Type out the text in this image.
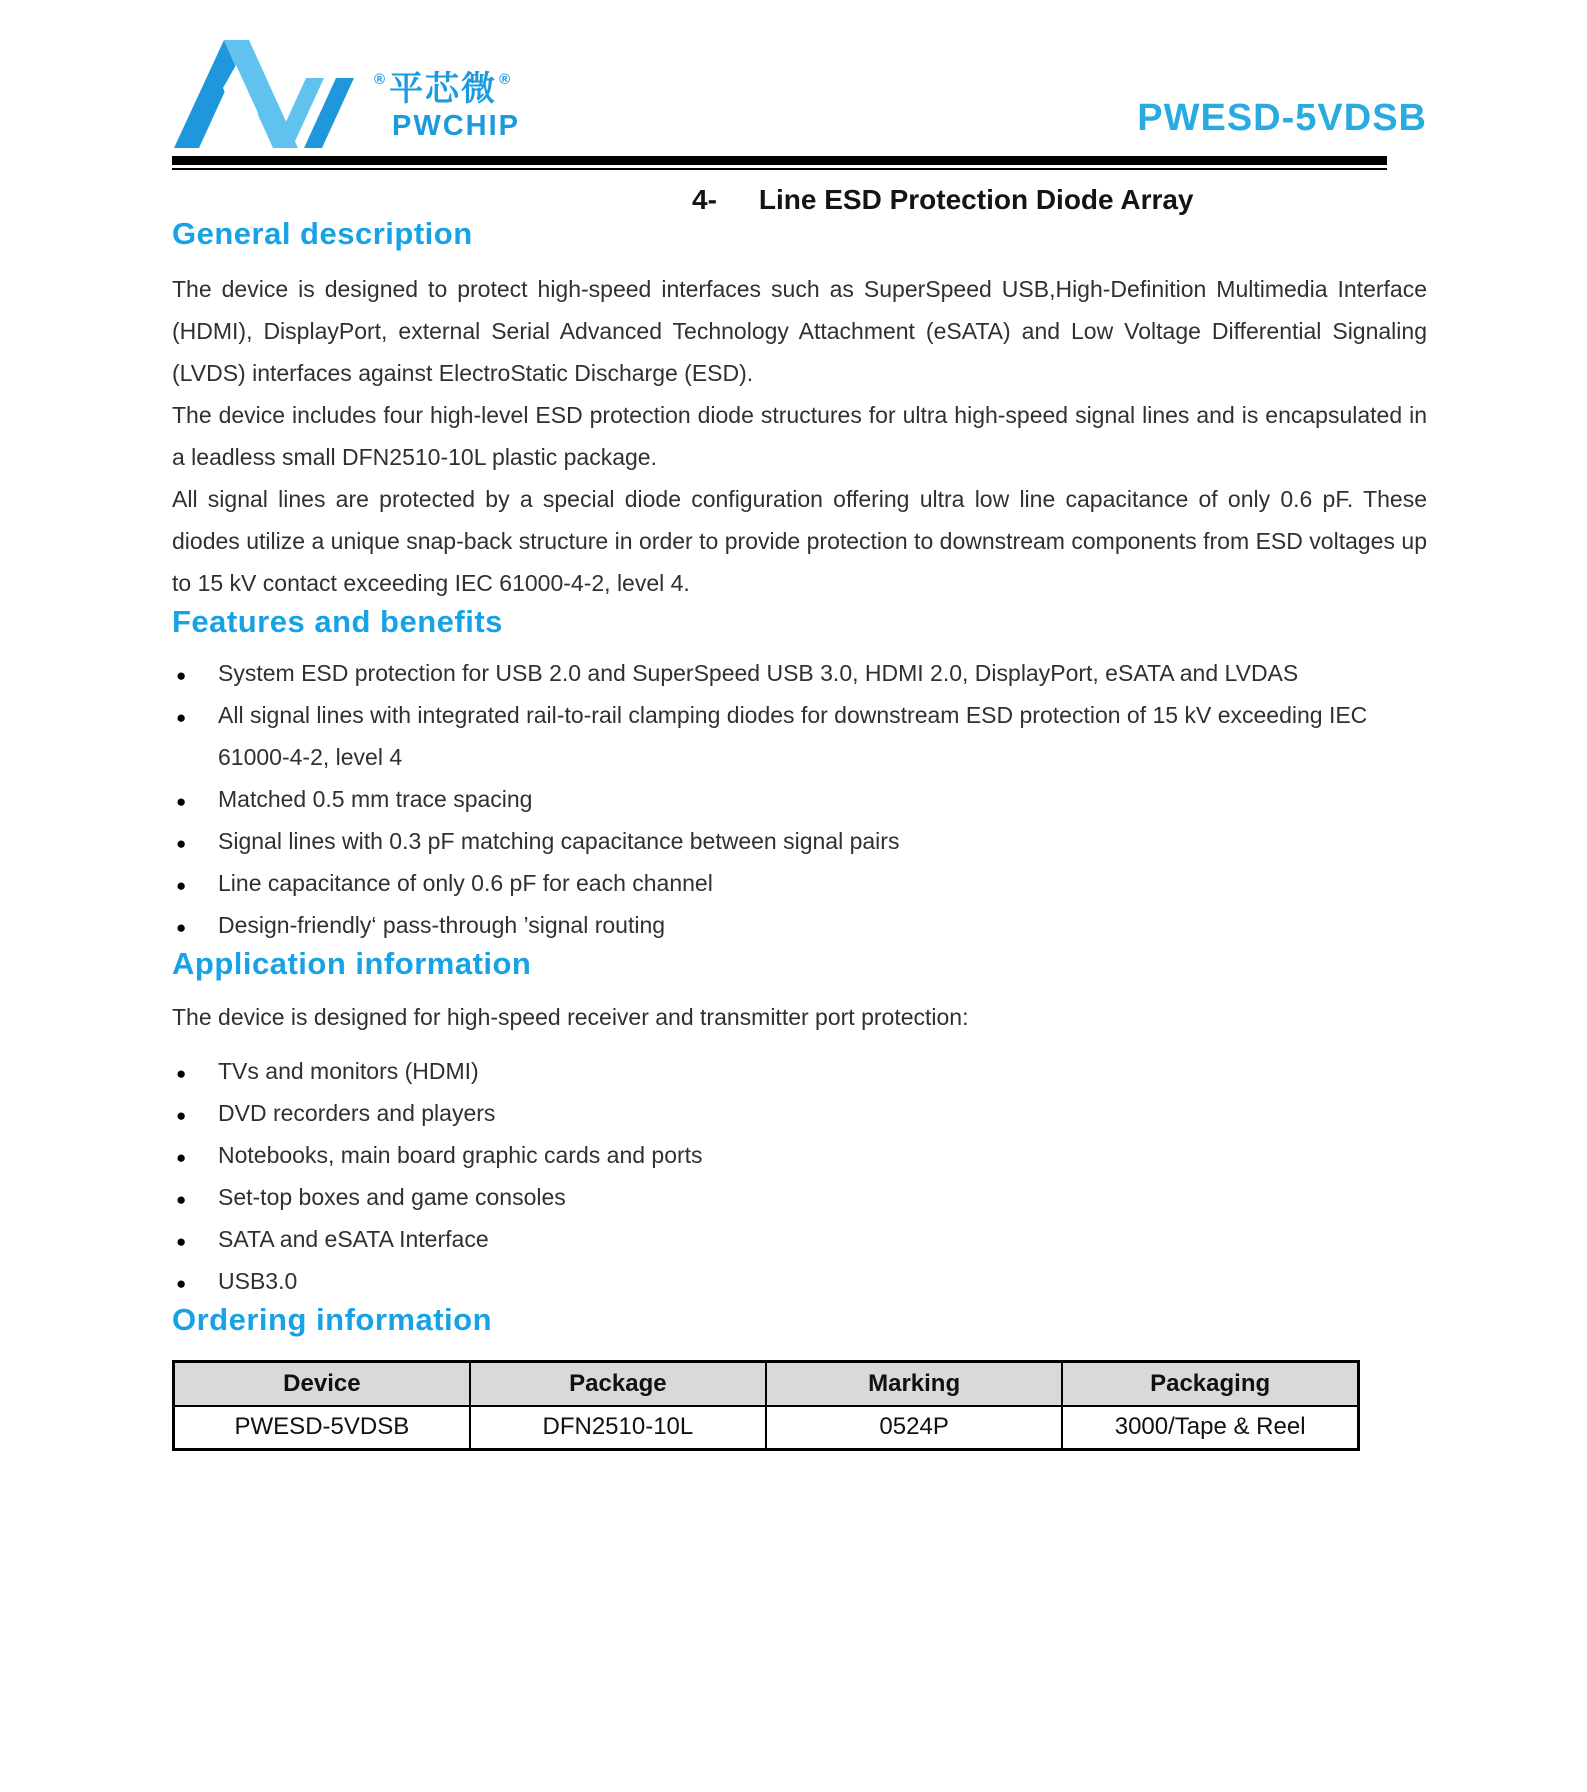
®平芯微 ®
PWCHIP	PWESD-5VDSB
4- Line ESD Protection Diode Array
General description

The device is designed to protect high-speed interfaces such as SuperSpeed USB,High-Definition Multimedia Interface (HDMI), DisplayPort, external Serial Advanced Technology Attachment (eSATA) and Low Voltage Differential Signaling (LVDS) interfaces against ElectroStatic Discharge (ESD).

The device includes four high-level ESD protection diode structures for ultra high-speed signal lines and is encapsulated in a leadless small DFN2510-10L plastic package.

All signal lines are protected by a special diode configuration offering ultra low line capacitance of only 0.6 pF. These diodes utilize a unique snap-back structure in order to provide protection to downstream components from ESD voltages up to 15 kV contact exceeding IEC 61000-4-2, level 4.

Features and benefits
●
System ESD protection for USB 2.0 and SuperSpeed USB 3.0, HDMI 2.0, DisplayPort, eSATA and LVDAS
●
All signal lines with integrated rail-to-rail clamping diodes for downstream ESD protection of 15 kV exceeding IEC 61000-4-2, level 4
●
Matched 0.5 mm trace spacing
●
Signal lines with 0.3 pF matching capacitance between signal pairs
●
Line capacitance of only 0.6 pF for each channel
●
Design-friendly‘ pass-through ’signal routing
Application information
The device is designed for high-speed receiver and transmitter port protection:
●
TVs and monitors (HDMI)
●
DVD recorders and players
●
Notebooks, main board graphic cards and ports
●
Set-top boxes and game consoles
●
SATA and eSATA Interface
●
USB3.0
Ordering information
Device	Package	Marking	Packaging
PWESD-5VDSB	DFN2510-10L	0524P	3000/Tape & Reel
